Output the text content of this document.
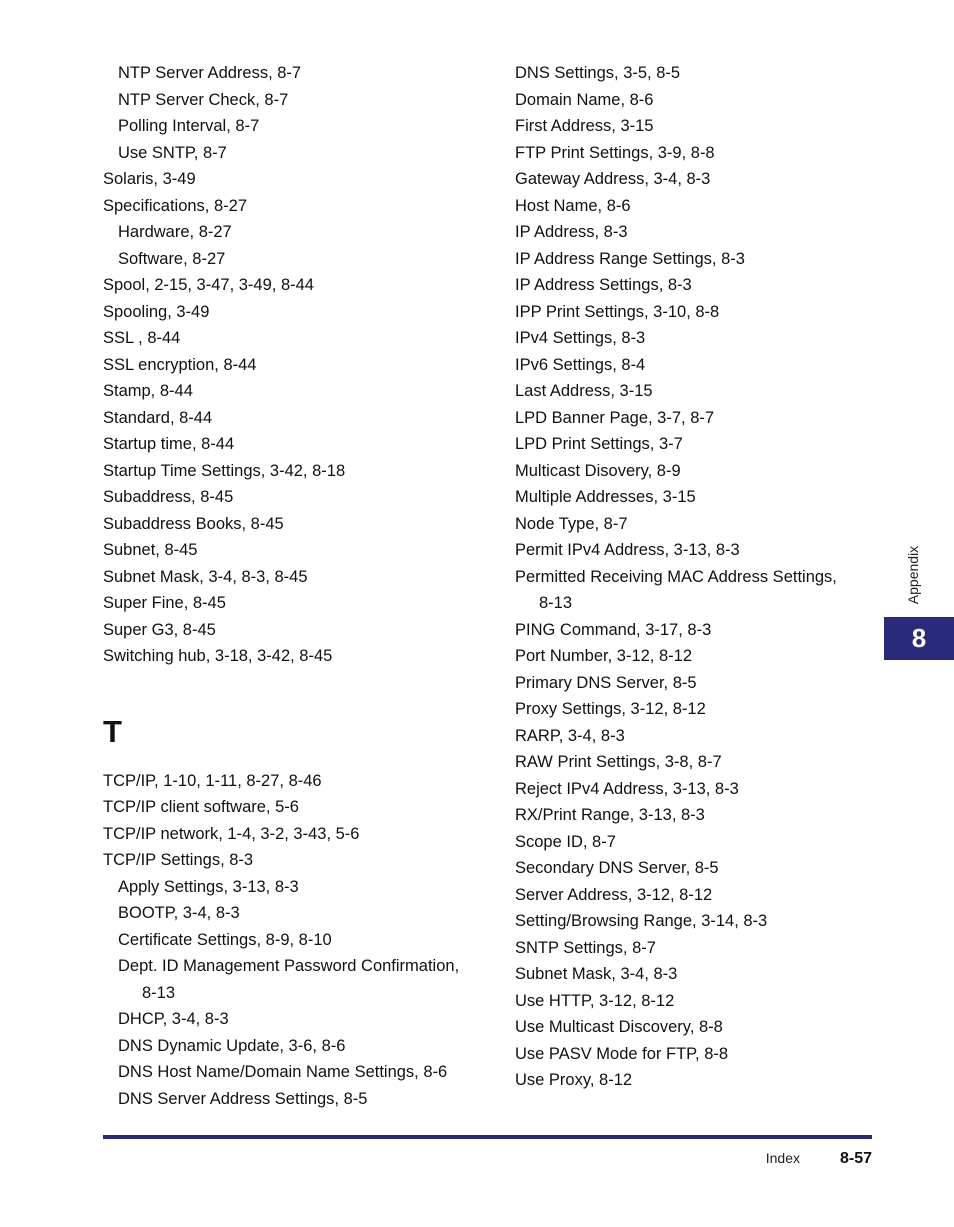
NTP Server Address, 8-7

NTP Server Check, 8-7

Polling Interval, 8-7

Use SNTP, 8-7

Solaris, 3-49

Specifications, 8-27

Hardware, 8-27

Software, 8-27

Spool, 2-15, 3-47, 3-49, 8-44

Spooling, 3-49

SSL , 8-44

SSL encryption, 8-44

Stamp, 8-44

Standard, 8-44

Startup time, 8-44

Startup Time Settings, 3-42, 8-18

Subaddress, 8-45

Subaddress Books, 8-45

Subnet, 8-45

Subnet Mask, 3-4, 8-3, 8-45

Super Fine, 8-45

Super G3, 8-45

Switching hub, 3-18, 3-42, 8-45

T

TCP/IP, 1-10, 1-11, 8-27, 8-46

TCP/IP client software, 5-6

TCP/IP network, 1-4, 3-2, 3-43, 5-6

TCP/IP Settings, 8-3

Apply Settings, 3-13, 8-3

BOOTP, 3-4, 8-3

Certificate Settings, 8-9, 8-10

Dept. ID Management Password Confirmation,

8-13

DHCP, 3-4, 8-3

DNS Dynamic Update, 3-6, 8-6

DNS Host Name/Domain Name Settings, 8-6

DNS Server Address Settings, 8-5

DNS Settings, 3-5, 8-5

Domain Name, 8-6

First Address, 3-15

FTP Print Settings, 3-9, 8-8

Gateway Address, 3-4, 8-3

Host Name, 8-6

IP Address, 8-3

IP Address Range Settings, 8-3

IP Address Settings, 8-3

IPP Print Settings, 3-10, 8-8

IPv4 Settings, 8-3

IPv6 Settings, 8-4

Last Address, 3-15

LPD Banner Page, 3-7, 8-7

LPD Print Settings, 3-7

Multicast Disovery, 8-9

Multiple Addresses, 3-15

Node Type, 8-7

Permit IPv4 Address, 3-13, 8-3

Permitted Receiving MAC Address Settings,

8-13

PING Command, 3-17, 8-3

Port Number, 3-12, 8-12

Primary DNS Server, 8-5

Proxy Settings, 3-12, 8-12

RARP, 3-4, 8-3

RAW Print Settings, 3-8, 8-7

Reject IPv4 Address, 3-13, 8-3

RX/Print Range, 3-13, 8-3

Scope ID, 8-7

Secondary DNS Server, 8-5

Server Address, 3-12, 8-12

Setting/Browsing Range, 3-14, 8-3

SNTP Settings, 8-7

Subnet Mask, 3-4, 8-3

Use HTTP, 3-12, 8-12

Use Multicast Discovery, 8-8

Use PASV Mode for FTP, 8-8

Use Proxy, 8-12

Appendix
8
Index 8-57
